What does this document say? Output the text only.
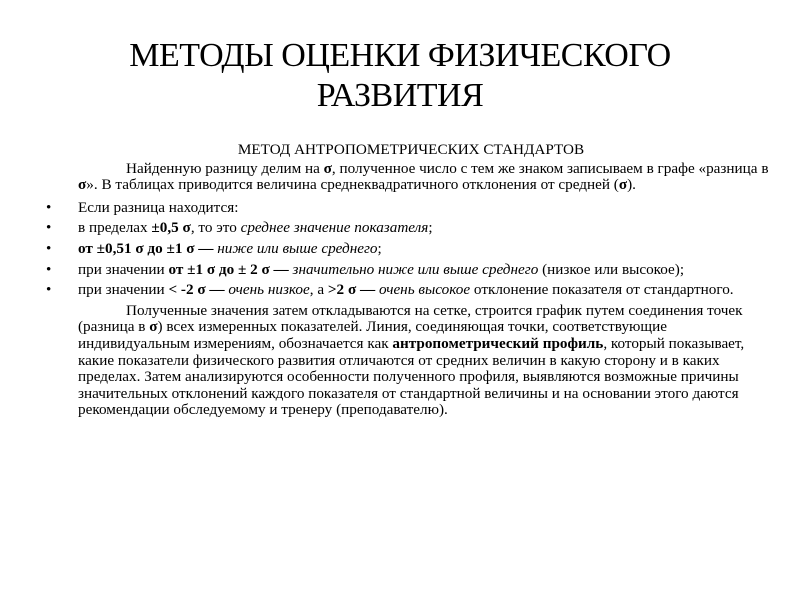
МЕТОДЫ ОЦЕНКИ ФИЗИЧЕСКОГО
РАЗВИТИЯ

МЕТОД АНТРОПОМЕТРИЧЕСКИХ СТАНДАРТОВ

Найденную разницу делим на σ, полученное число с тем же знаком записываем в графе «разница в σ». В таблицах приводится величина среднеквадратичного отклонения от средней (σ).

•	Если разница находится:
•	в пределах ±0,5 σ, то это среднее значение показателя;
•	от ±0,51 σ до ±1 σ — ниже или выше среднего;
•	при значении от ±1 σ до ± 2 σ — значительно ниже или выше среднего (низкое или высокое);
•	при значении < -2 σ — очень низкое, а >2 σ — очень высокое отклонение показателя от стандартного.

Полученные значения затем откладываются на сетке, строится график путем соединения точек (разница в σ) всех измеренных показателей. Линия, соединяющая точки, соответствующие индивидуальным измерениям, обозначается как антропометрический профиль, который показывает, какие показатели физического развития отличаются от средних величин в какую сторону и в каких пределах. Затем анализируются особенности полученного профиля, выявляются возможные причины значительных отклонений каждого показателя от стандартной величины и на основании этого даются рекомендации обследуемому и тренеру (преподавателю).
